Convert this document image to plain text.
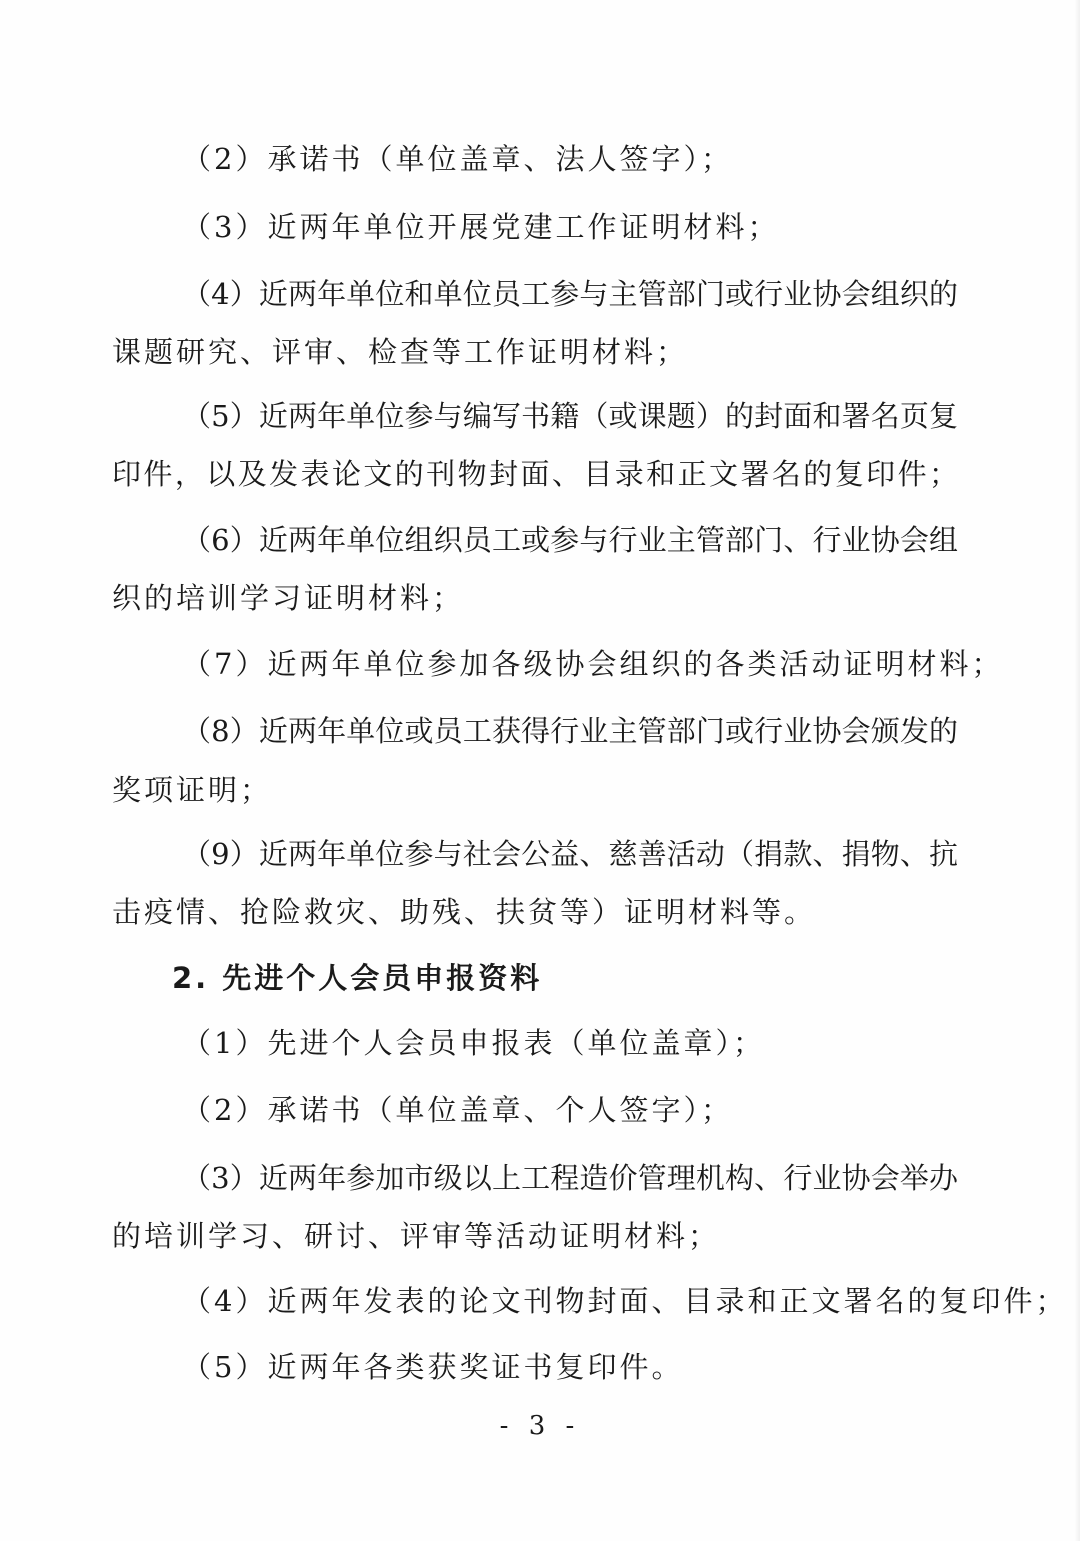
（2）承诺书（单位盖章、法人签字）；
（3）近两年单位开展党建工作证明材料；
（4）近两年单位和单位员工参与主管部门或行业协会组织的
课题研究、评审、检查等工作证明材料；
（5）近两年单位参与编写书籍（或课题）的封面和署名页复
印件，以及发表论文的刊物封面、目录和正文署名的复印件；
（6）近两年单位组织员工或参与行业主管部门、行业协会组
织的培训学习证明材料；
（7）近两年单位参加各级协会组织的各类活动证明材料；
（8）近两年单位或员工获得行业主管部门或行业协会颁发的
奖项证明；
（9）近两年单位参与社会公益、慈善活动（捐款、捐物、抗
击疫情、抢险救灾、助残、扶贫等）证明材料等。
2. 先进个人会员申报资料
（1）先进个人会员申报表（单位盖章）；
（2）承诺书（单位盖章、个人签字）；
（3）近两年参加市级以上工程造价管理机构、行业协会举办
的培训学习、研讨、评审等活动证明材料；
（4）近两年发表的论文刊物封面、目录和正文署名的复印件；
（5）近两年各类获奖证书复印件。
- 3 -
